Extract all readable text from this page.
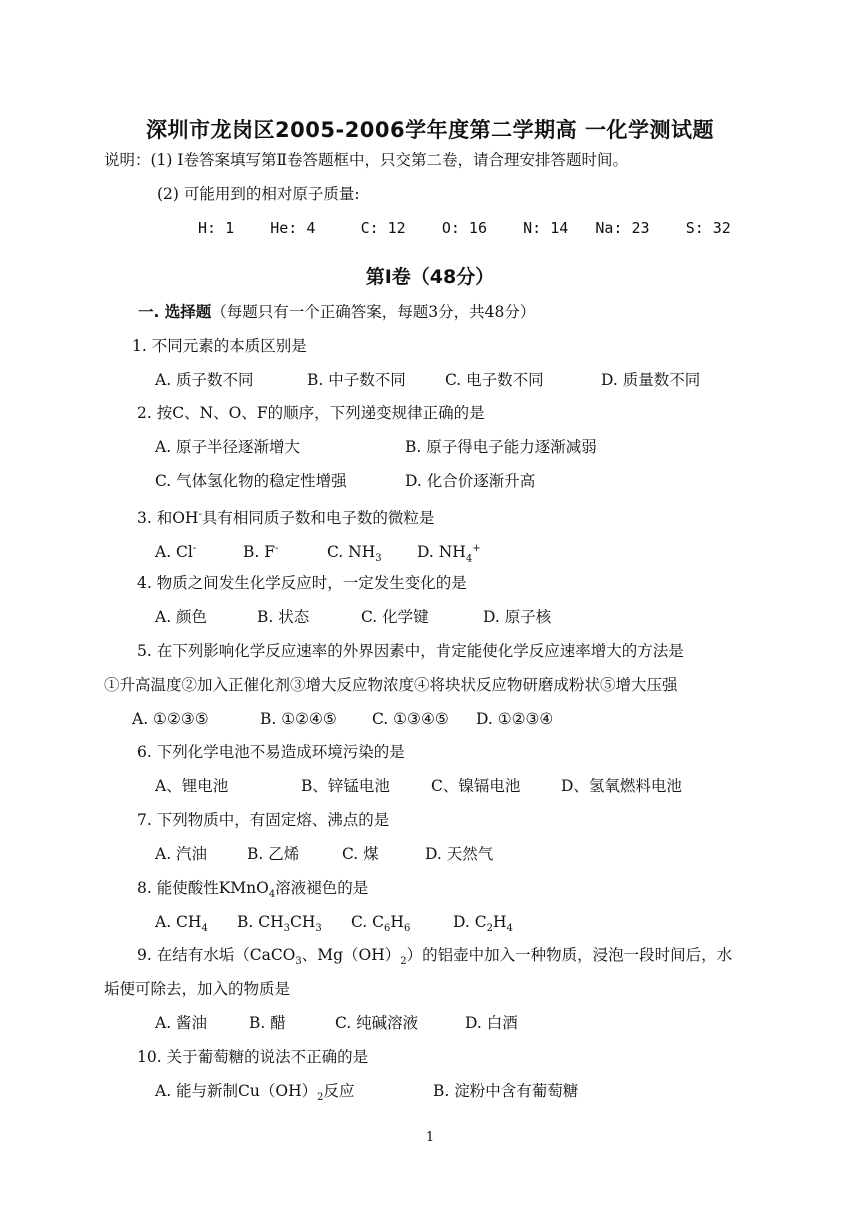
深圳市龙岗区2005-2006学年度第二学期高 一化学测试题
说明：(1) Ⅰ卷答案填写第Ⅱ卷答题框中，只交第二卷，请合理安排答题时间。
(2) 可能用到的相对原子质量:
H: 1 He: 4	C: 12 O: 16 N: 14 Na: 23 S: 32
第Ⅰ卷（48分）
一. 选择题（每题只有一个正确答案，每题3分，共48分）
1. 不同元素的本质区别是
A. 质子数不同	B. 中子数不同	C. 电子数不同	D. 质量数不同
2. 按C、N、O、F的顺序，下列递变规律正确的是
A. 原子半径逐渐增大	B. 原子得电子能力逐渐减弱
C. 气体氢化物的稳定性增强	D. 化合价逐渐升高
3. 和OH-具有相同质子数和电子数的微粒是
A. Cl-	B. F-	C. $NH_3$ D. $NH_4^+$
4. 物质之间发生化学反应时，一定发生变化的是
A. 颜色	B. 状态	C. 化学键	D. 原子核
5. 在下列影响化学反应速率的外界因素中，肯定能使化学反应速率增大的方法是
①升高温度②加入正催化剂③增大反应物浓度④将块状反应物研磨成粉状⑤增大压强
A. ①②③⑤	B. ①②④⑤ C. ①③④⑤ D. ①②③④
6. 下列化学电池不易造成环境污染的是
A、锂电池	B、锌锰电池	C、镍镉电池	D、氢氧燃料电池
7. 下列物质中，有固定熔、沸点的是
A. 汽油	B. 乙烯	C. 煤	D. 天然气
8. 能使酸性KMnO$_4$溶液褪色的是
A. $CH_4$ B. $CH_3CH_3$ C. $C_6H_6$	D. $C_2H_4$
9. 在结有水垢（CaCO$_3$、$Mg(OH)_2$）的铝壶中加入一种物质，浸泡一段时间后，水
垢便可除去，加入的物质是
A. 酱油	B. 醋	C. 纯碱溶液	D. 白酒
10. 关于葡萄糖的说法不正确的是
A. 能与新制$Cu(OH)_2$反应	B. 淀粉中含有葡萄糖
1
